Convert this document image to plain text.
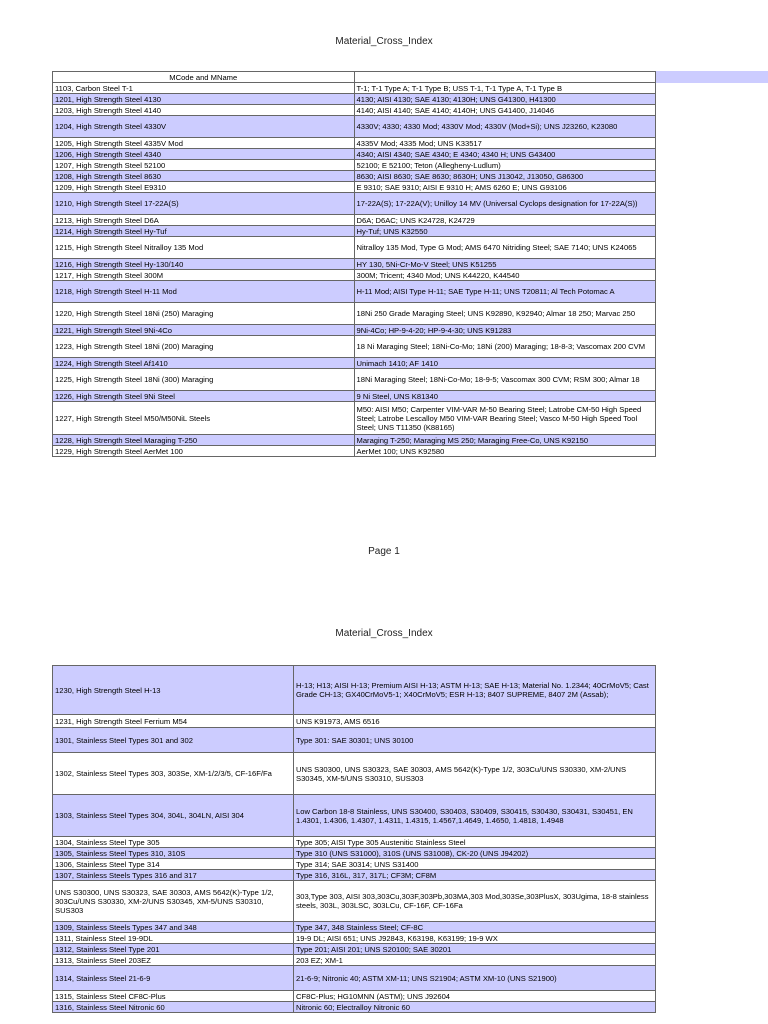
Material_Cross_Index
MCode and MName	
1103, Carbon Steel T-1	T-1; T-1 Type A; T-1 Type B; USS T-1, T-1 Type A, T-1 Type B
1201, High Strength Steel 4130	4130; AISI 4130; SAE 4130; 4130H; UNS G41300, H41300
1203, High Strength Steel 4140	4140; AISI 4140; SAE 4140; 4140H; UNS G41400, J14046
1204, High Strength Steel 4330V	4330V; 4330; 4330 Mod; 4330V Mod; 4330V (Mod+Si); UNS J23260, K23080
1205, High Strength Steel 4335V Mod	4335V Mod; 4335 Mod; UNS K33517
1206, High Strength Steel 4340	4340; AISI 4340; SAE 4340; E 4340; 4340 H; UNS G43400
1207, High Strength Steel 52100	52100; E 52100; Teton (Allegheny-Ludlum)
1208, High Strength Steel 8630	8630; AISI 8630; SAE 8630; 8630H; UNS J13042, J13050, G86300
1209, High Strength Steel E9310	E 9310; SAE 9310; AISI E 9310 H; AMS 6260 E; UNS G93106
1210, High Strength Steel 17-22A(S)	17-22A(S); 17-22A(V); Unilloy 14 MV (Universal Cyclops designation for 17-22A(S))
1213, High Strength Steel D6A	D6A; D6AC; UNS K24728, K24729
1214, High Strength Steel Hy-Tuf	Hy-Tuf; UNS K32550
1215, High Strength Steel Nitralloy 135 Mod	Nitralloy 135 Mod, Type G Mod; AMS 6470 Nitriding Steel; SAE 7140; UNS K24065
1216, High Strength Steel Hy-130/140	HY 130, 5Ni-Cr-Mo-V Steel; UNS K51255
1217, High Strength Steel 300M	300M; Tricent; 4340 Mod; UNS K44220, K44540
1218, High Strength Steel H-11 Mod	H-11 Mod; AISI Type H-11; SAE Type H-11; UNS T20811; Al Tech Potomac A
1220, High Strength Steel 18Ni (250) Maraging	18Ni 250 Grade Maraging Steel; UNS K92890, K92940; Almar 18 250; Marvac 250
1221, High Strength Steel 9Ni-4Co	9Ni-4Co; HP-9-4-20; HP-9-4-30; UNS K91283
1223, High Strength Steel 18Ni (200) Maraging	18 Ni Maraging Steel; 18Ni-Co-Mo; 18Ni (200) Maraging; 18-8-3; Vascomax 200 CVM
1224, High Strength Steel Af1410	Unimach 1410; AF 1410
1225, High Strength Steel 18Ni (300) Maraging	18Ni Maraging Steel; 18Ni-Co-Mo; 18-9-5; Vascomax 300 CVM; RSM 300; Almar 18
1226, High Strength Steel 9Ni Steel	9 Ni Steel, UNS K81340
1227, High Strength Steel M50/M50NiL Steels	M50: AISI M50; Carpenter VIM-VAR M-50 Bearing Steel; Latrobe CM-50 High Speed Steel; Latrobe Lescalloy M50 VIM-VAR Bearing Steel; Vasco M-50 High Speed Tool Steel; UNS T11350 (K88165)
1228, High Strength Steel Maraging T-250	Maraging T-250; Maraging MS 250; Maraging Free-Co, UNS K92150
1229, High Strength Steel AerMet 100	AerMet 100; UNS K92580
Page 1
Material_Cross_Index
1230, High Strength Steel H-13	H-13; H13; AISI H-13; Premium AISI H-13; ASTM H-13; SAE H-13; Material No. 1.2344; 40CrMoV5; Cast Grade CH-13; GX40CrMoV5-1; X40CrMoV5; ESR H-13; 8407 SUPREME, 8407 2M (Assab);
1231, High Strength Steel Ferrium M54	UNS K91973, AMS 6516
1301, Stainless Steel Types 301 and 302	Type 301: SAE 30301; UNS 30100
1302, Stainless Steel Types 303, 303Se, XM-1/2/3/5, CF-16F/Fa	UNS S30300, UNS S30323, SAE 30303, AMS 5642(K)-Type 1/2, 303Cu/UNS S30330, XM-2/UNS S30345, XM-5/UNS S30310, SUS303
1303, Stainless Steel Types 304, 304L, 304LN, AISI 304	Low Carbon 18-8 Stainless, UNS S30400, S30403, S30409, S30415, S30430, S30431, S30451, EN 1.4301, 1.4306, 1.4307, 1.4311, 1.4315, 1.4567,1.4649, 1.4650, 1.4818, 1.4948
1304, Stainless Steel Type 305	Type 305; AISI Type 305 Austenitic Stainless Steel
1305, Stainless Steel Types 310, 310S	Type 310 (UNS S31000), 310S (UNS S31008), CK-20 (UNS J94202)
1306, Stainless Steel Type 314	Type 314; SAE 30314; UNS S31400
1307, Stainless Steels Types 316 and 317	Type 316, 316L, 317, 317L; CF3M; CF8M
UNS S30300, UNS S30323, SAE 30303, AMS 5642(K)-Type 1/2, 303Cu/UNS S30330, XM-2/UNS S30345, XM-5/UNS S30310, SUS303	303,Type 303, AISI 303,303Cu,303F,303Pb,303MA,303 Mod,303Se,303PlusX, 303Ugima, 18-8 stainless steels, 303L, 303LSC, 303LCu, CF-16F, CF-16Fa
1309, Stainless Steels Types 347 and 348	Type 347, 348 Stainless Steel; CF-8C
1311, Stainless Steel 19-9DL	19-9 DL; AISI 651; UNS J92843, K63198, K63199; 19-9 WX
1312, Stainless Steel Type 201	Type 201; AISI 201; UNS S20100; SAE 30201
1313, Stainless Steel 203EZ	203 EZ; XM-1
1314, Stainless Steel 21-6-9	21-6-9; Nitronic 40; ASTM XM-11; UNS S21904; ASTM XM-10 (UNS S21900)
1315, Stainless Steel CF8C-Plus	CF8C-Plus; HG10MNN (ASTM); UNS J92604
1316, Stainless Steel Nitronic 60	Nitronic 60; Electralloy Nitronic 60
